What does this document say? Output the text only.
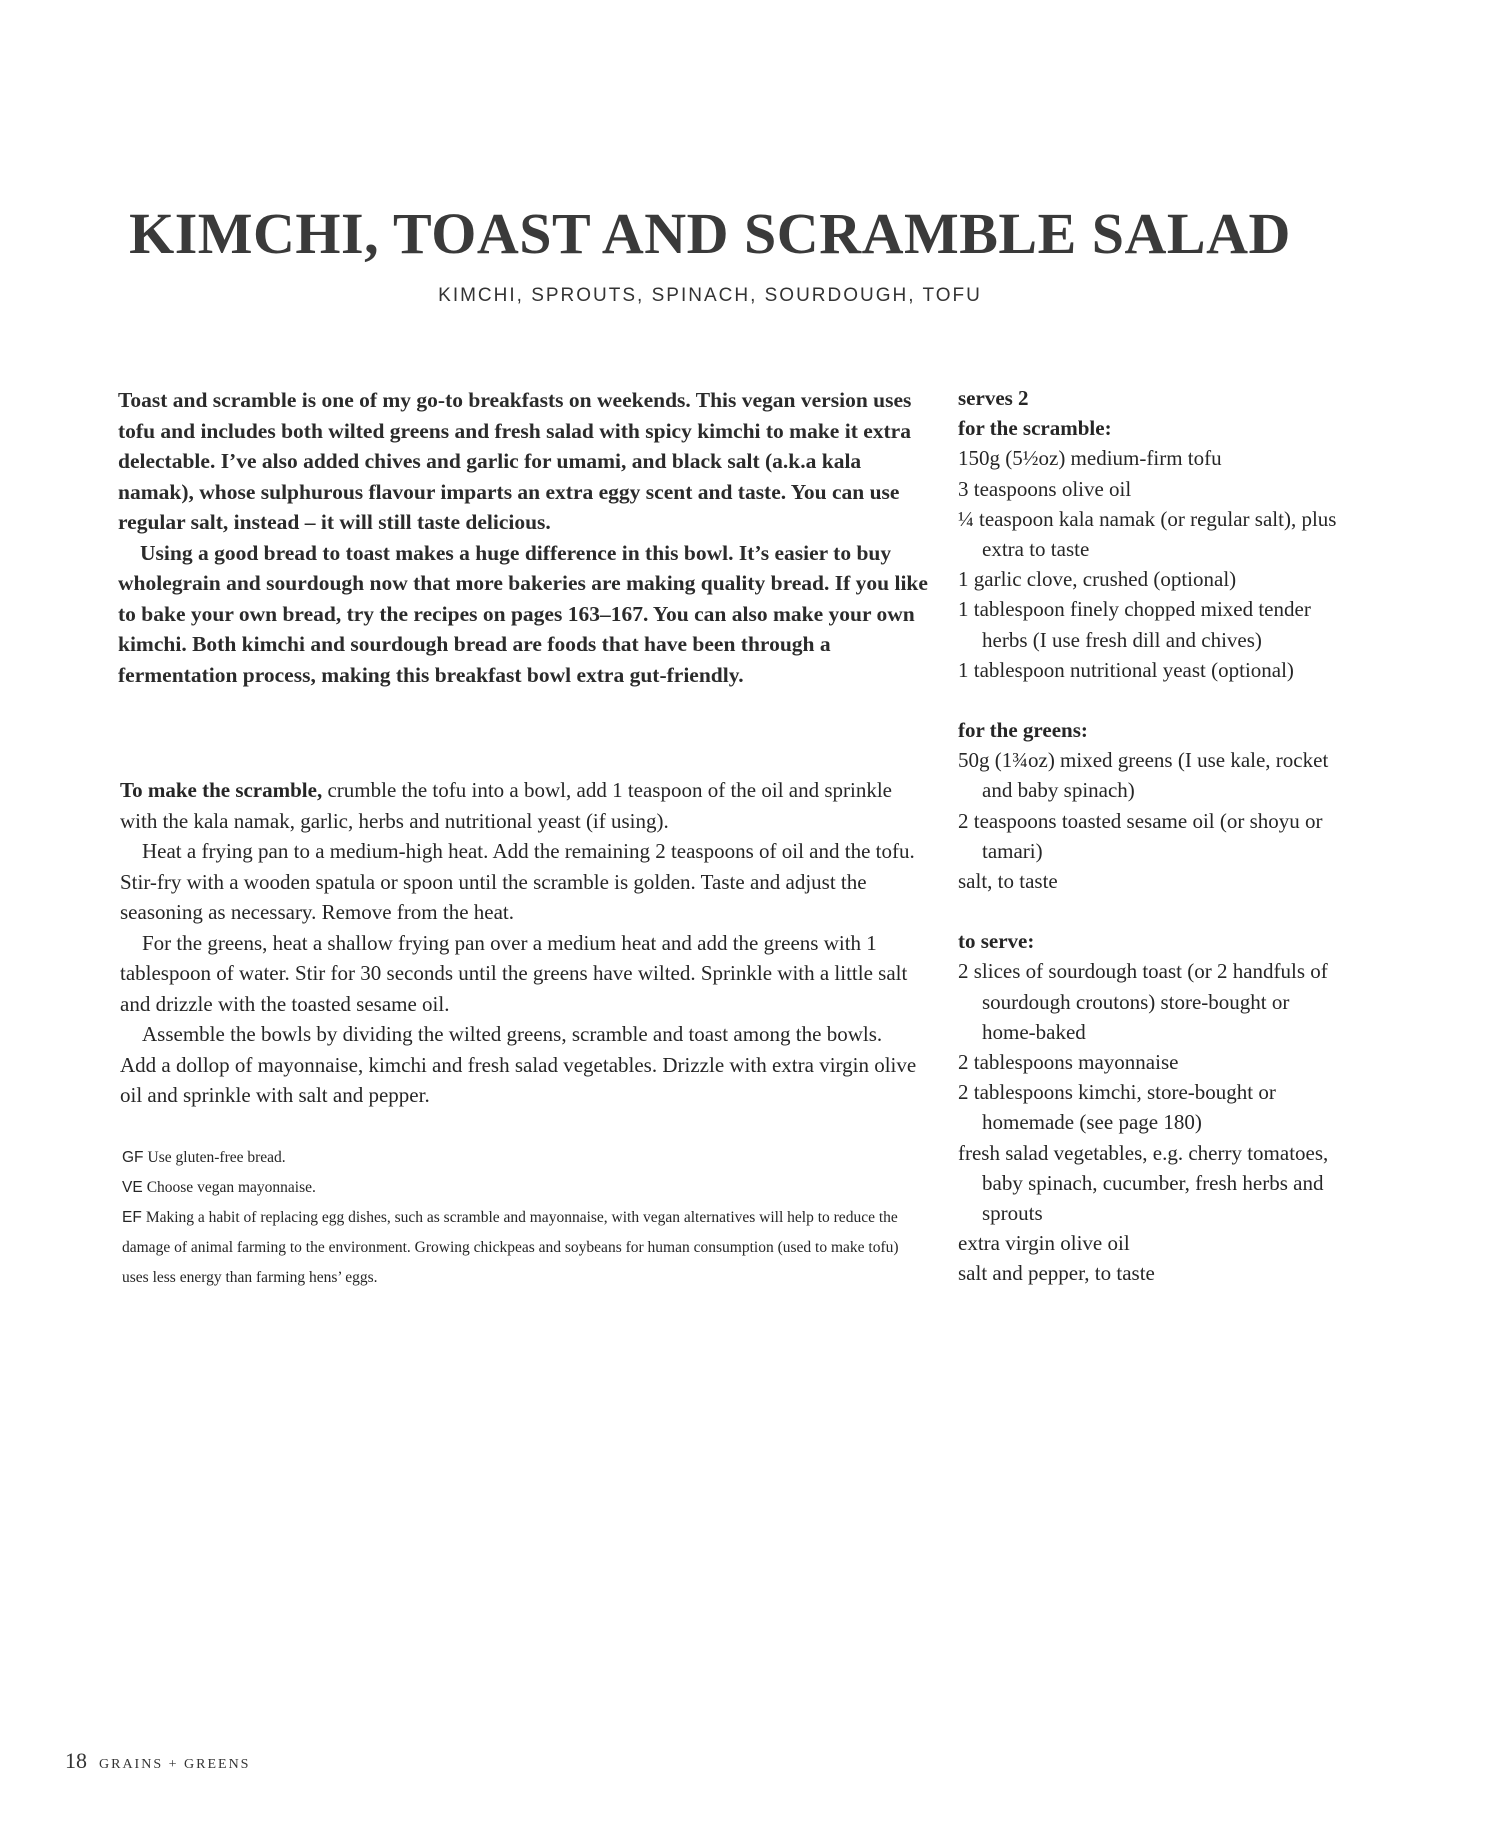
KIMCHI, TOAST AND SCRAMBLE SALAD

KIMCHI, SPROUTS, SPINACH, SOURDOUGH, TOFU

Toast and scramble is one of my go-to breakfasts on weekends. This vegan version uses tofu and includes both wilted greens and fresh salad with spicy kimchi to make it extra delectable. I’ve also added chives and garlic for umami, and black salt (a.k.a kala namak), whose sulphurous flavour imparts an extra eggy scent and taste. You can use regular salt, instead – it will still taste delicious.

Using a good bread to toast makes a huge difference in this bowl. It’s easier to buy wholegrain and sourdough now that more bakeries are making quality bread. If you like to bake your own bread, try the recipes on pages 163–167. You can also make your own kimchi. Both kimchi and sourdough bread are foods that have been through a fermentation process, making this breakfast bowl extra gut-friendly.

To make the scramble, crumble the tofu into a bowl, add 1 teaspoon of the oil and sprinkle with the kala namak, garlic, herbs and nutritional yeast (if using).

Heat a frying pan to a medium-high heat. Add the remaining 2 teaspoons of oil and the tofu. Stir-fry with a wooden spatula or spoon until the scramble is golden. Taste and adjust the seasoning as necessary. Remove from the heat.

For the greens, heat a shallow frying pan over a medium heat and add the greens with 1 tablespoon of water. Stir for 30 seconds until the greens have wilted. Sprinkle with a little salt and drizzle with the toasted sesame oil.

Assemble the bowls by dividing the wilted greens, scramble and toast among the bowls. Add a dollop of mayonnaise, kimchi and fresh salad vegetables. Drizzle with extra virgin olive oil and sprinkle with salt and pepper.

GF Use gluten-free bread.

VE Choose vegan mayonnaise.

EF Making a habit of replacing egg dishes, such as scramble and mayonnaise, with vegan alternatives will help to reduce the damage of animal farming to the environment. Growing chickpeas and soybeans for human consumption (used to make tofu) uses less energy than farming hens’ eggs.

serves 2

for the scramble:

150g (5½oz) medium-firm tofu
3 teaspoons olive oil
¼ teaspoon kala namak (or regular salt), plus extra to taste
1 garlic clove, crushed (optional)
1 tablespoon finely chopped mixed tender herbs (I use fresh dill and chives)
1 tablespoon nutritional yeast (optional)

for the greens:

50g (1¾oz) mixed greens (I use kale, rocket and baby spinach)
2 teaspoons toasted sesame oil (or shoyu or tamari)
salt, to taste

to serve:

2 slices of sourdough toast (or 2 handfuls of sourdough croutons) store-bought or home-baked
2 tablespoons mayonnaise
2 tablespoons kimchi, store-bought or homemade (see page 180)
fresh salad vegetables, e.g. cherry tomatoes, baby spinach, cucumber, fresh herbs and sprouts
extra virgin olive oil
salt and pepper, to taste
18 GRAINS + GREENS
